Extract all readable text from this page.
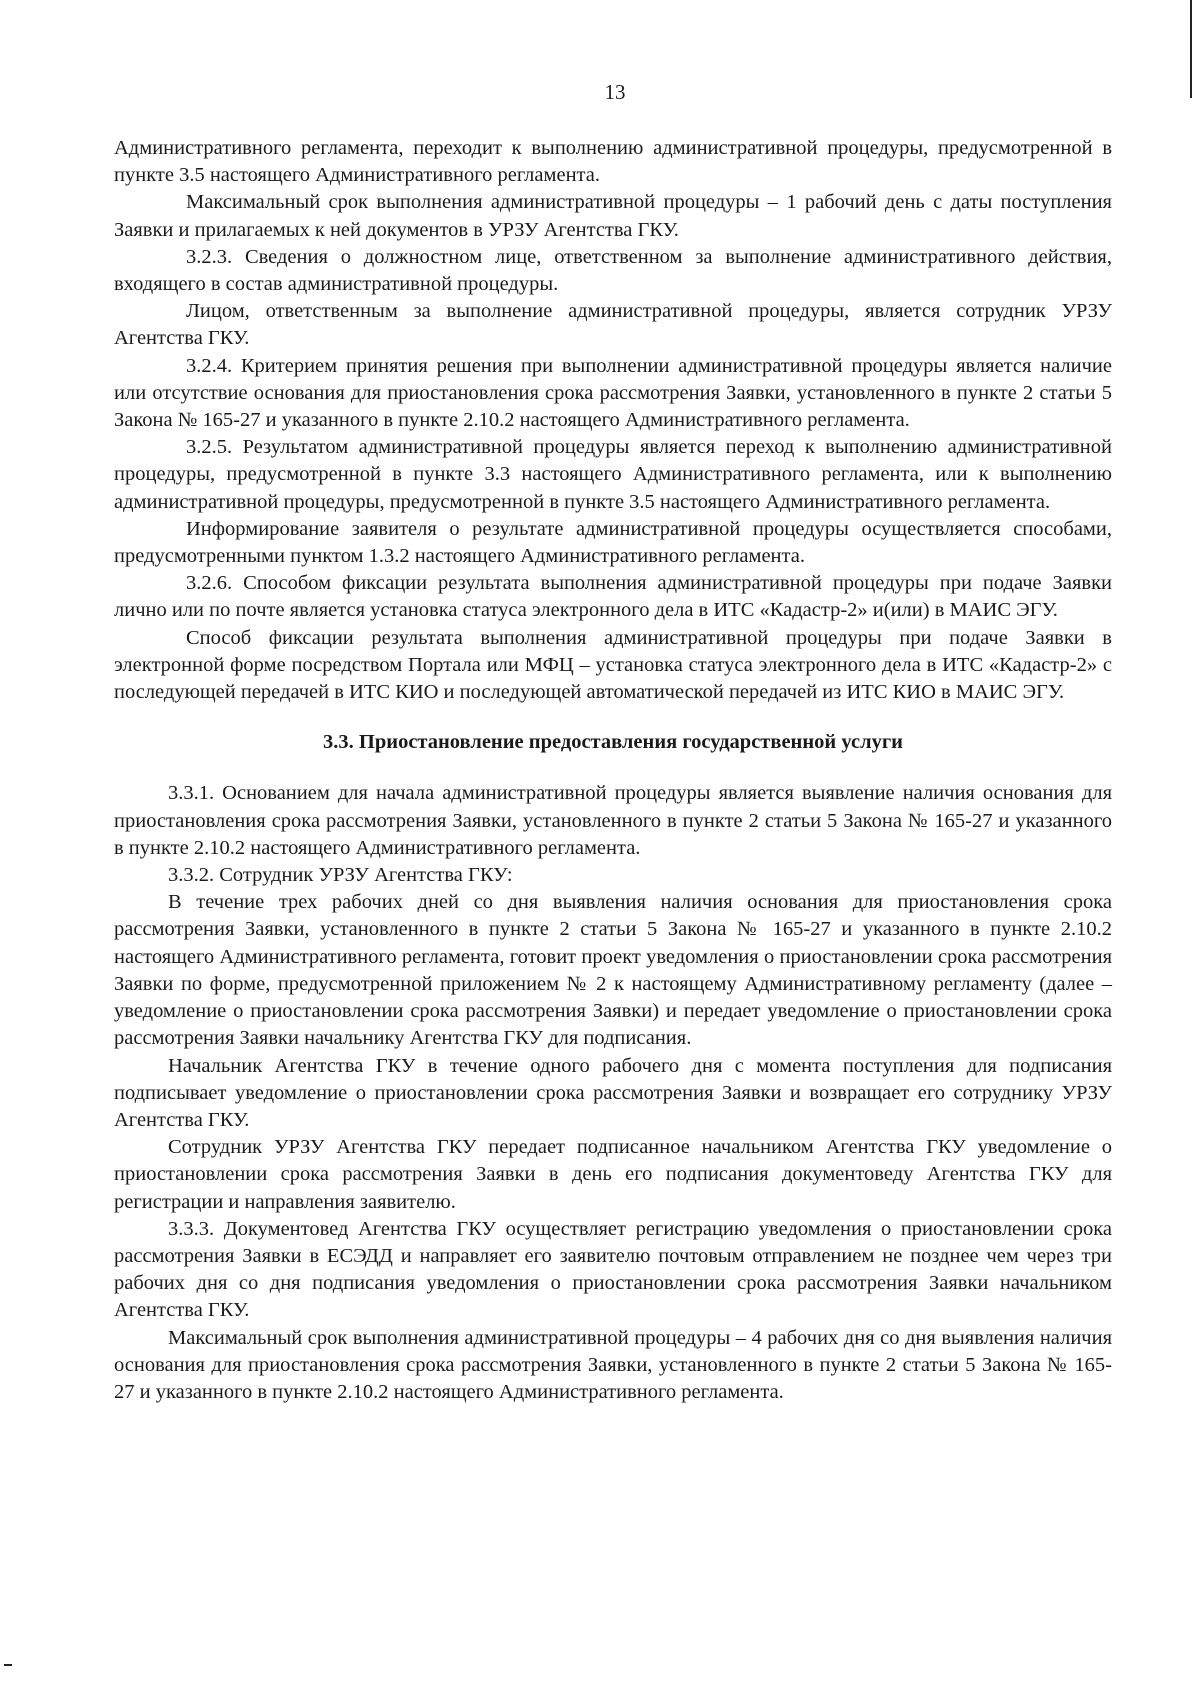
13

Административного регламента, переходит к выполнению административной процедуры, предусмотренной в пункте 3.5 настоящего Административного регламента.

Максимальный срок выполнения административной процедуры – 1 рабочий день с даты поступления Заявки и прилагаемых к ней документов в УРЗУ Агентства ГКУ.

3.2.3. Сведения о должностном лице, ответственном за выполнение административного действия, входящего в состав административной процедуры.

Лицом, ответственным за выполнение административной процедуры, является сотрудник УРЗУ Агентства ГКУ.

3.2.4. Критерием принятия решения при выполнении административной процедуры является наличие или отсутствие основания для приостановления срока рассмотрения Заявки, установленного в пункте 2 статьи 5 Закона № 165-27 и указанного в пункте 2.10.2 настоящего Административного регламента.

3.2.5. Результатом административной процедуры является переход к выполнению административной процедуры, предусмотренной в пункте 3.3 настоящего Административного регламента, или к выполнению административной процедуры, предусмотренной в пункте 3.5 настоящего Административного регламента.

Информирование заявителя о результате административной процедуры осуществляется способами, предусмотренными пунктом 1.3.2 настоящего Административного регламента.

3.2.6. Способом фиксации результата выполнения административной процедуры при подаче Заявки лично или по почте является установка статуса электронного дела в ИТС «Кадастр-2» и(или) в МАИС ЭГУ.

Способ фиксации результата выполнения административной процедуры при подаче Заявки в электронной форме посредством Портала или МФЦ – установка статуса электронного дела в ИТС «Кадастр-2» с последующей передачей в ИТС КИО и последующей автоматической передачей из ИТС КИО в МАИС ЭГУ.

3.3. Приостановление предоставления государственной услуги

3.3.1. Основанием для начала административной процедуры является выявление наличия основания для приостановления срока рассмотрения Заявки, установленного в пункте 2 статьи 5 Закона № 165-27 и указанного в пункте 2.10.2 настоящего Административного регламента.

3.3.2. Сотрудник УРЗУ Агентства ГКУ:

В течение трех рабочих дней со дня выявления наличия основания для приостановления срока рассмотрения Заявки, установленного в пункте 2 статьи 5 Закона № 165-27 и указанного в пункте 2.10.2 настоящего Административного регламента, готовит проект уведомления о приостановлении срока рассмотрения Заявки по форме, предусмотренной приложением № 2 к настоящему Административному регламенту (далее – уведомление о приостановлении срока рассмотрения Заявки) и передает уведомление о приостановлении срока рассмотрения Заявки начальнику Агентства ГКУ для подписания.

Начальник Агентства ГКУ в течение одного рабочего дня с момента поступления для подписания подписывает уведомление о приостановлении срока рассмотрения Заявки и возвращает его сотруднику УРЗУ Агентства ГКУ.

Сотрудник УРЗУ Агентства ГКУ передает подписанное начальником Агентства ГКУ уведомление о приостановлении срока рассмотрения Заявки в день его подписания документоведу Агентства ГКУ для регистрации и направления заявителю.

3.3.3. Документовед Агентства ГКУ осуществляет регистрацию уведомления о приостановлении срока рассмотрения Заявки в ЕСЭДД и направляет его заявителю почтовым отправлением не позднее чем через три рабочих дня со дня подписания уведомления о приостановлении срока рассмотрения Заявки начальником Агентства ГКУ.

Максимальный срок выполнения административной процедуры – 4 рабочих дня со дня выявления наличия основания для приостановления срока рассмотрения Заявки, установленного в пункте 2 статьи 5 Закона № 165-27 и указанного в пункте 2.10.2 настоящего Административного регламента.
